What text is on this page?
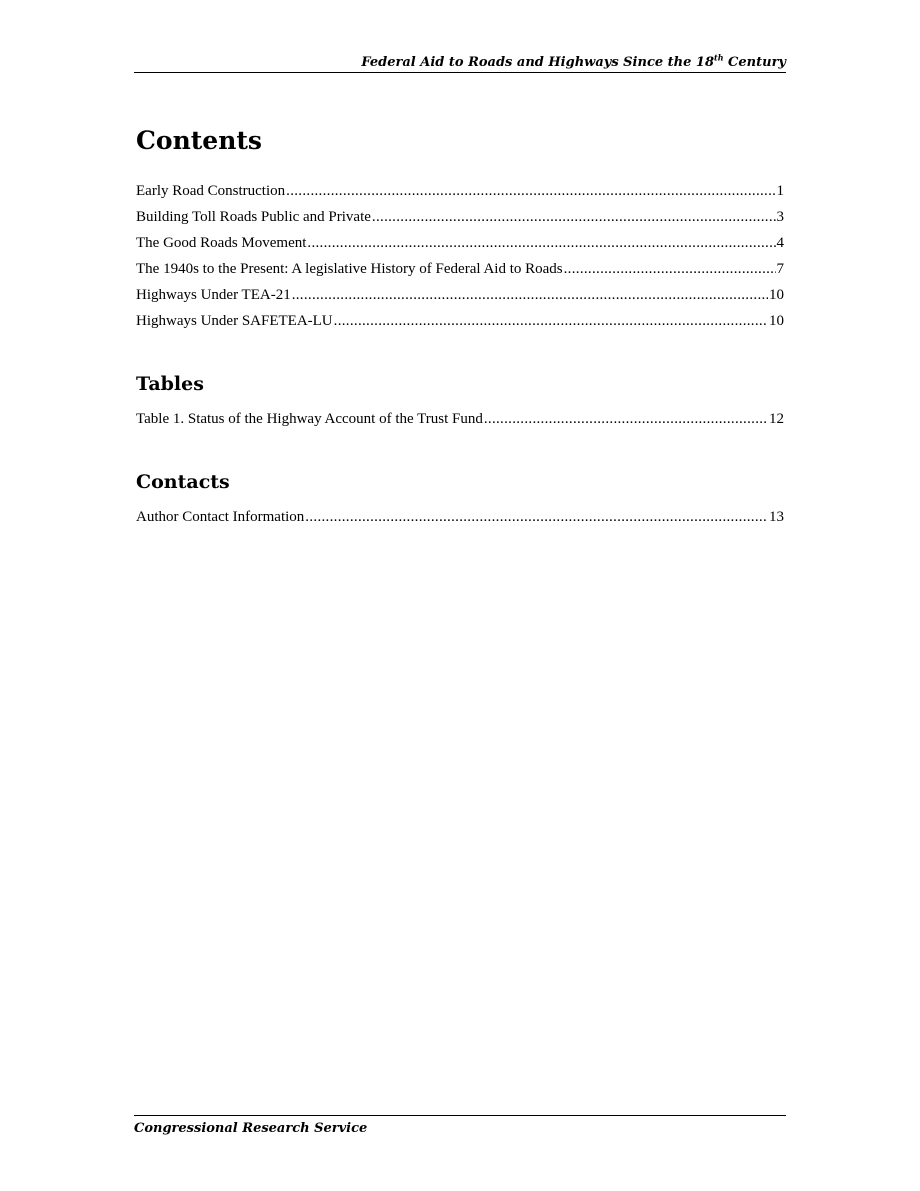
Federal Aid to Roads and Highways Since the 18th Century
Contents
Early Road Construction .....	1
Building Toll Roads Public and Private .....	3
The Good Roads Movement .....	4
The 1940s to the Present: A legislative History of Federal Aid to Roads .....	7
Highways Under TEA-21 .....	10
Highways Under SAFETEA-LU .....	10
Tables
Table 1. Status of the Highway Account of the Trust Fund .....	12
Contacts
Author Contact Information .....	13
Congressional Research Service
